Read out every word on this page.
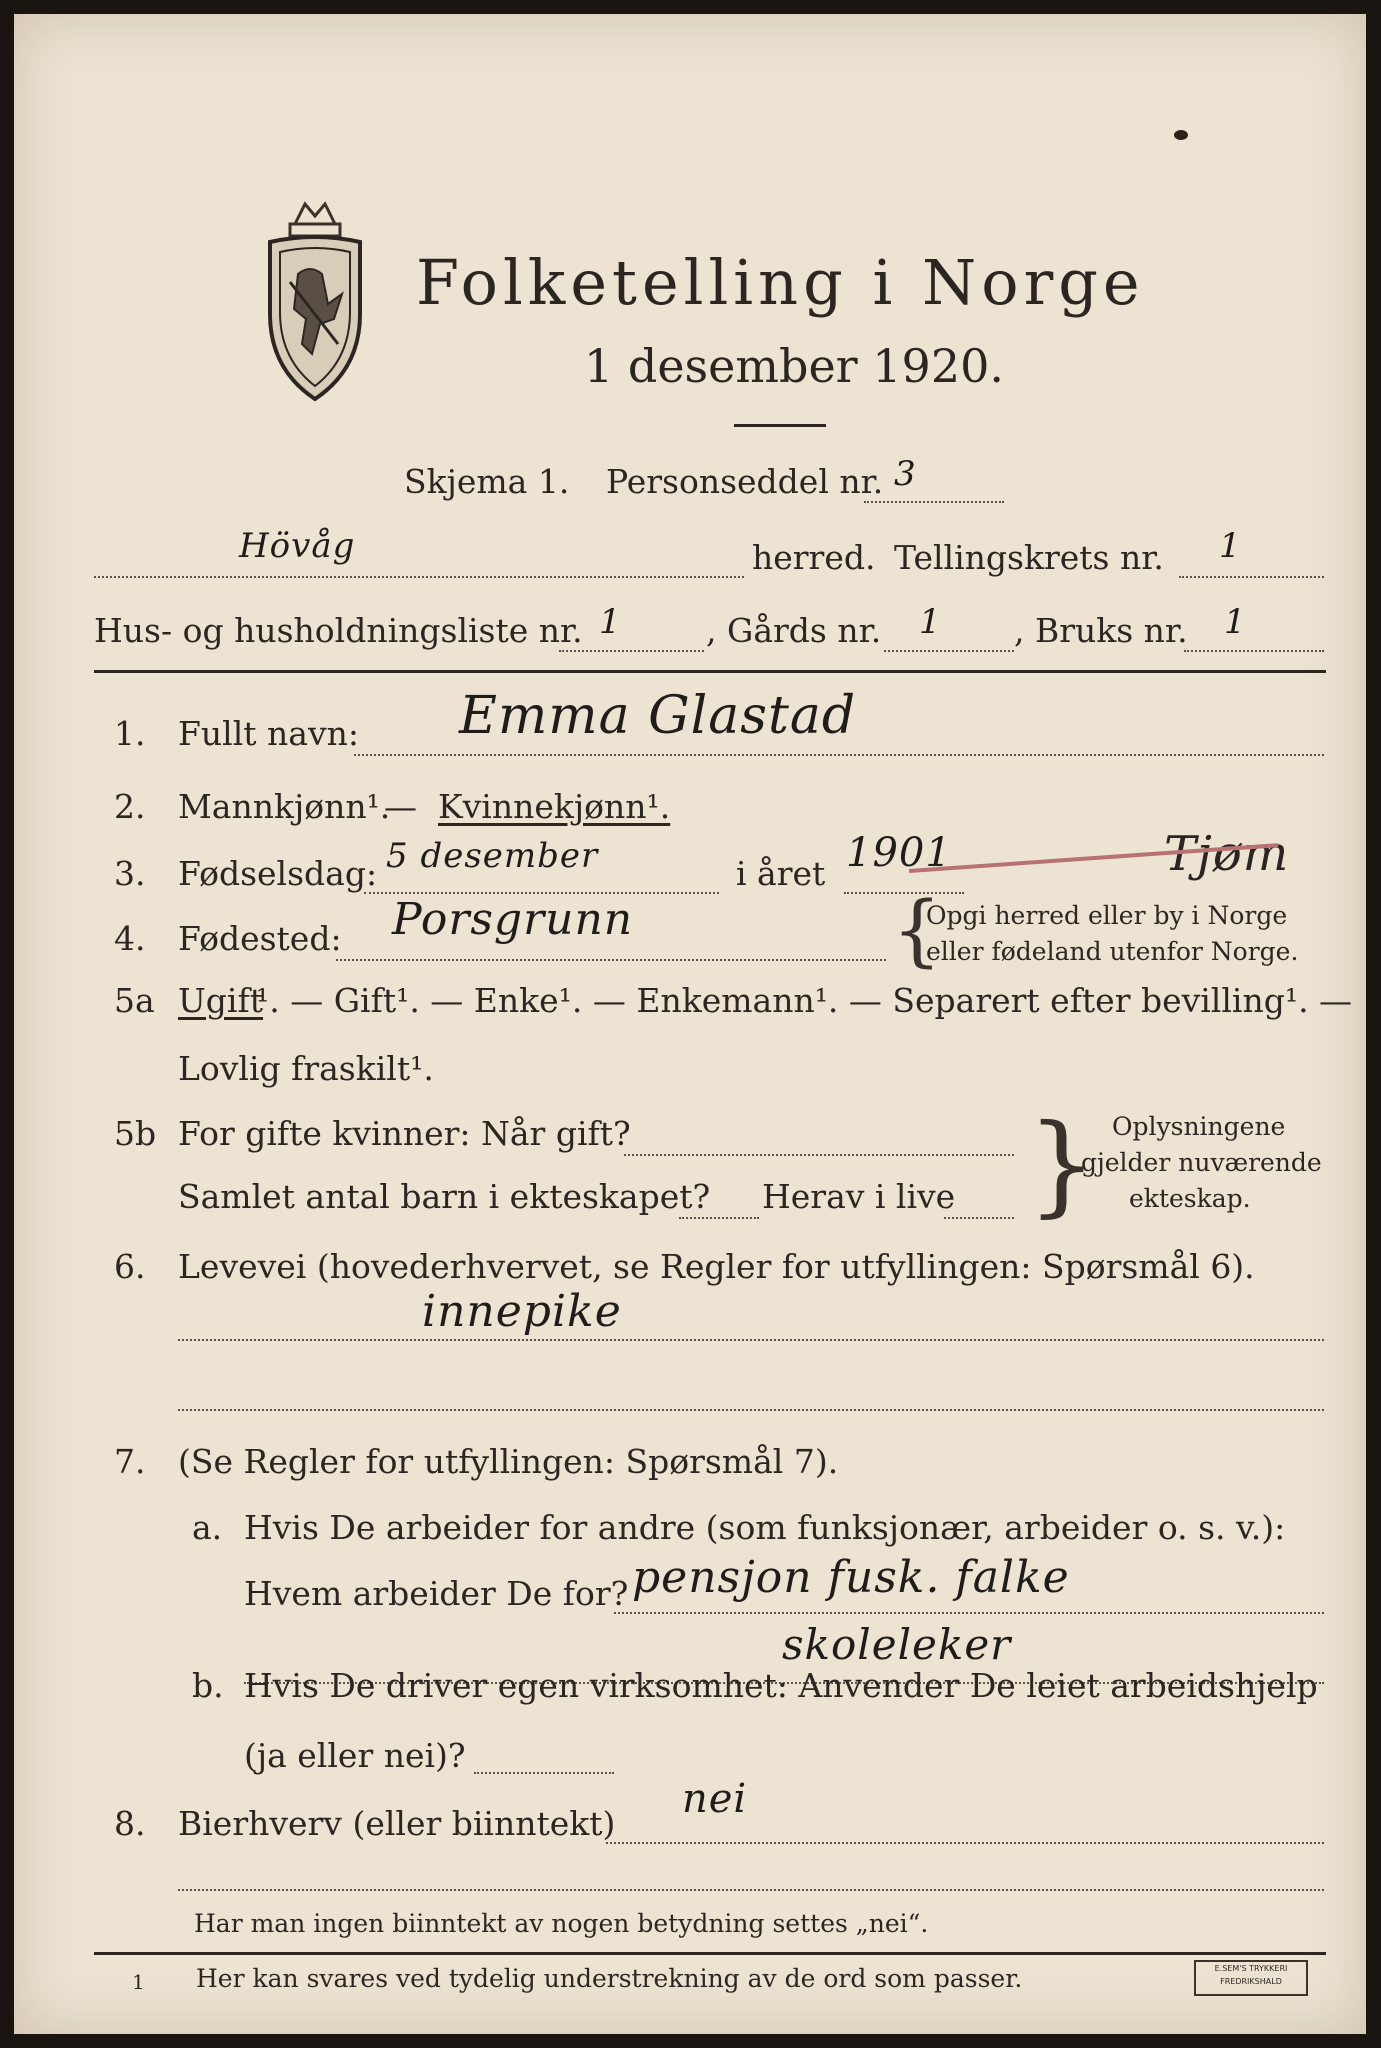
Folketelling i Norge
1 desember 1920.
Skjema 1. Personseddel nr. 3
Hövåg	herred. Tellingskrets nr. 1
Hus- og husholdningsliste nr. 1	, Gårds nr. 1 , Bruks nr. 1
1. Fullt navn: Emma Glastad
2. Mannkjønn¹.
— Kvinnekjønn¹.
3. Fødselsdag: 5 desember	i året 1901	Tjøm
4. Fødested: Porsgrunn	{
Opgi herred eller by i Norge
eller fødeland utenfor Norge.
5a Ugift
¹. — Gift¹. — Enke¹. — Enkemann¹. — Separert efter bevilling¹. —
Lovlig fraskilt¹.
5b For gifte kvinner: Når gift?
Samlet antal barn i ekteskapet? Herav i live } Oplysningene
gjelder nuværende
ekteskap.
6. Levevei (hovederhvervet, se Regler for utfyllingen: Spørsmål 6).
innepike
7. (Se Regler for utfyllingen: Spørsmål 7).
a. Hvis De arbeider for andre (som funksjonær, arbeider o. s. v.):
Hvem arbeider De for? pensjon fusk. falke
skoleleker
b. Hvis De driver egen virksomhet: Anvender De leiet arbeidshjelp
(ja eller nei)?
8. Bierhverv (eller biinntekt)
nei
Har man ingen biinntekt av nogen betydning settes „nei“.
1 Her kan svares ved tydelig understrekning av de ord som passer.	E.SEM'S TRYKKERI
FREDRIKSHALD
